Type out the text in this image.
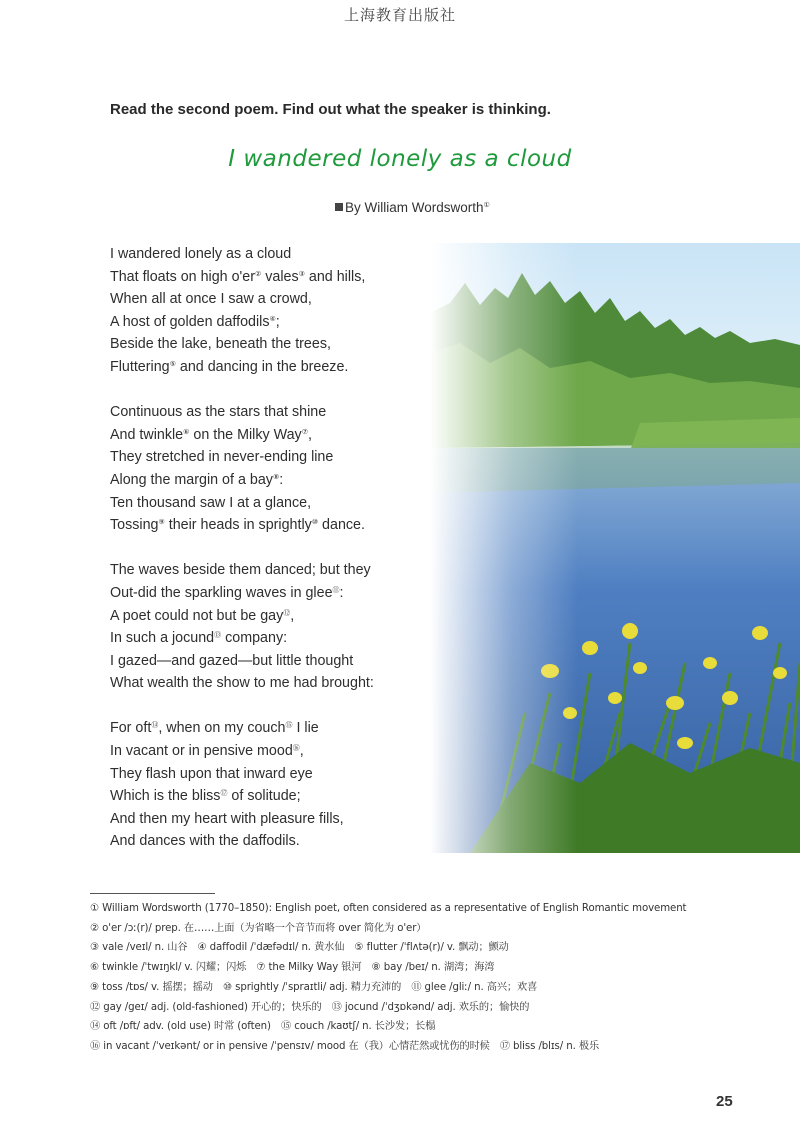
上海教育出版社
Read the second poem. Find out what the speaker is thinking.
I wandered lonely as a cloud
By William Wordsworth①
I wandered lonely as a cloud
That floats on high o'er② vales③ and hills,
When all at once I saw a crowd,
A host of golden daffodils④;
Beside the lake, beneath the trees,
Fluttering⑤ and dancing in the breeze.
Continuous as the stars that shine
And twinkle⑥ on the Milky Way⑦,
They stretched in never-ending line
Along the margin of a bay⑧:
Ten thousand saw I at a glance,
Tossing⑨ their heads in sprightly⑩ dance.
The waves beside them danced; but they
Out-did the sparkling waves in glee⑪:
A poet could not but be gay⑫,
In such a jocund⑬ company:
I gazed—and gazed—but little thought
What wealth the show to me had brought:
For oft⑭, when on my couch⑮ I lie
In vacant or in pensive mood⑯,
They flash upon that inward eye
Which is the bliss⑰ of solitude;
And then my heart with pleasure fills,
And dances with the daffodils.
① William Wordsworth (1770–1850): English poet, often considered as a representative of English Romantic movement
② o'er /ɔː(r)/ prep. 在……上面（为省略一个音节而将 over 简化为 o'er）
③ vale /veɪl/ n. 山谷　④ daffodil /ˈdæfədɪl/ n. 黄水仙　⑤ flutter /ˈflʌtə(r)/ v. 飘动；颤动
⑥ twinkle /ˈtwɪŋkl/ v. 闪耀；闪烁　⑦ the Milky Way 银河　⑧ bay /beɪ/ n. 湖湾；海湾
⑨ toss /tɒs/ v. 摇摆；摇动　⑩ sprightly /ˈspraɪtli/ adj. 精力充沛的　⑪ glee /gliː/ n. 高兴；欢喜
⑫ gay /geɪ/ adj. (old-fashioned) 开心的；快乐的　⑬ jocund /ˈdʒɒkənd/ adj. 欢乐的；愉快的
⑭ oft /ɒft/ adv. (old use) 时常 (often)　⑮ couch /kaʊtʃ/ n. 长沙发；长榻
⑯ in vacant /ˈveɪkənt/ or in pensive /ˈpensɪv/ mood 在（我）心情茫然或忧伤的时候　⑰ bliss /blɪs/ n. 极乐
25
